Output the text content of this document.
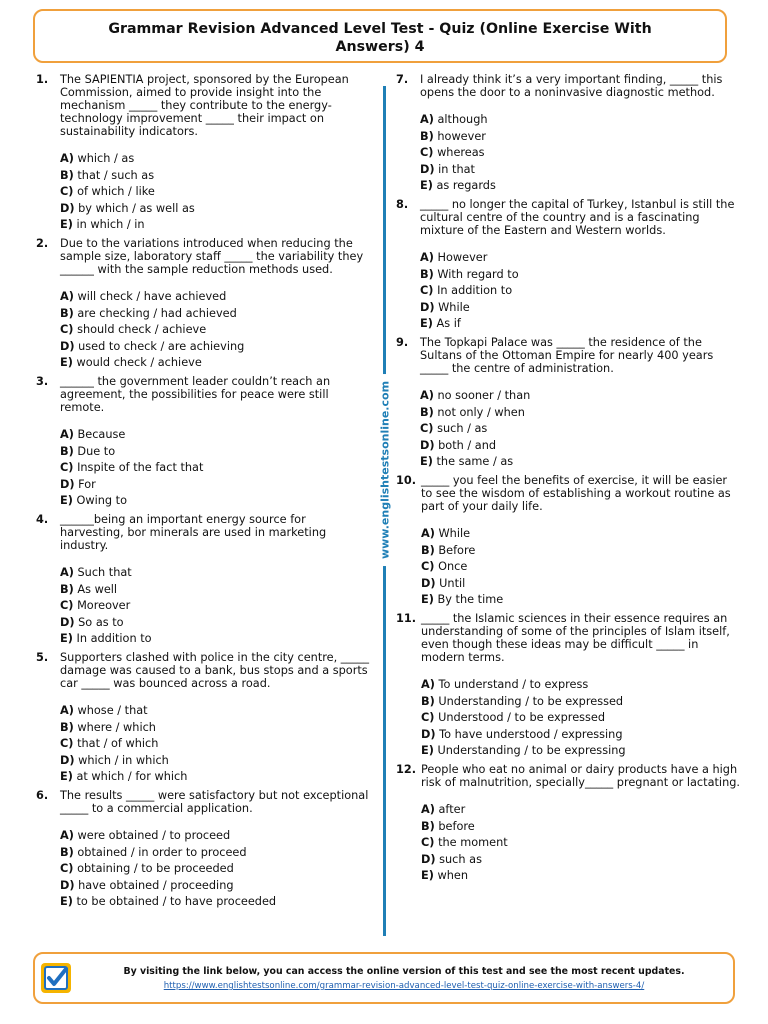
Grammar Revision Advanced Level Test - Quiz (Online Exercise With
Answers) 4
1. The SAPIENTIA project, sponsored by the European Commission, aimed to provide insight into the mechanism _____ they contribute to the energy-technology improvement _____ their impact on sustainability indicators.
A) which / as
B) that / such as
C) of which / like
D) by which / as well as
E) in which / in
2. Due to the variations introduced when reducing the sample size, laboratory staff _____ the variability they ______ with the sample reduction methods used.
A) will check / have achieved
B) are checking / had achieved
C) should check / achieve
D) used to check / are achieving
E) would check / achieve
3. ______ the government leader couldn’t reach an agreement, the possibilities for peace were still remote.
A) Because
B) Due to
C) Inspite of the fact that
D) For
E) Owing to
4. ______being an important energy source for harvesting, bor minerals are used in marketing industry.
A) Such that
B) As well
C) Moreover
D) So as to
E) In addition to
5. Supporters clashed with police in the city centre, _____ damage was caused to a bank, bus stops and a sports car _____ was bounced across a road.
A) whose / that
B) where / which
C) that / of which
D) which / in which
E) at which / for which
6. The results _____ were satisfactory but not exceptional _____ to a commercial application.
A) were obtained / to proceed
B) obtained / in order to proceed
C) obtaining / to be proceeded
D) have obtained / proceeding
E) to be obtained / to have proceeded
www.englishtestsonline.com
7. I already think it’s a very important finding, _____ this opens the door to a noninvasive diagnostic method.
A) although
B) however
C) whereas
D) in that
E) as regards
8. _____ no longer the capital of Turkey, Istanbul is still the cultural centre of the country and is a fascinating mixture of the Eastern and Western worlds.
A) However
B) With regard to
C) In addition to
D) While
E) As if
9. The Topkapi Palace was _____ the residence of the Sultans of the Ottoman Empire for nearly 400 years _____ the centre of administration.
A) no sooner / than
B) not only / when
C) such / as
D) both / and
E) the same / as
10. _____ you feel the benefits of exercise, it will be easier to see the wisdom of establishing a workout routine as part of your daily life.
A) While
B) Before
C) Once
D) Until
E) By the time
11. _____ the Islamic sciences in their essence requires an understanding of some of the principles of Islam itself, even though these ideas may be difficult _____ in modern terms.
A) To understand / to express
B) Understanding / to be expressed
C) Understood / to be expressed
D) To have understood / expressing
E) Understanding / to be expressing
12. People who eat no animal or dairy products have a high risk of malnutrition, specially_____ pregnant or lactating.
A) after
B) before
C) the moment
D) such as
E) when
By visiting the link below, you can access the online version of this test and see the most recent updates.
https://www.englishtestsonline.com/grammar-revision-advanced-level-test-quiz-online-exercise-with-answers-4/
